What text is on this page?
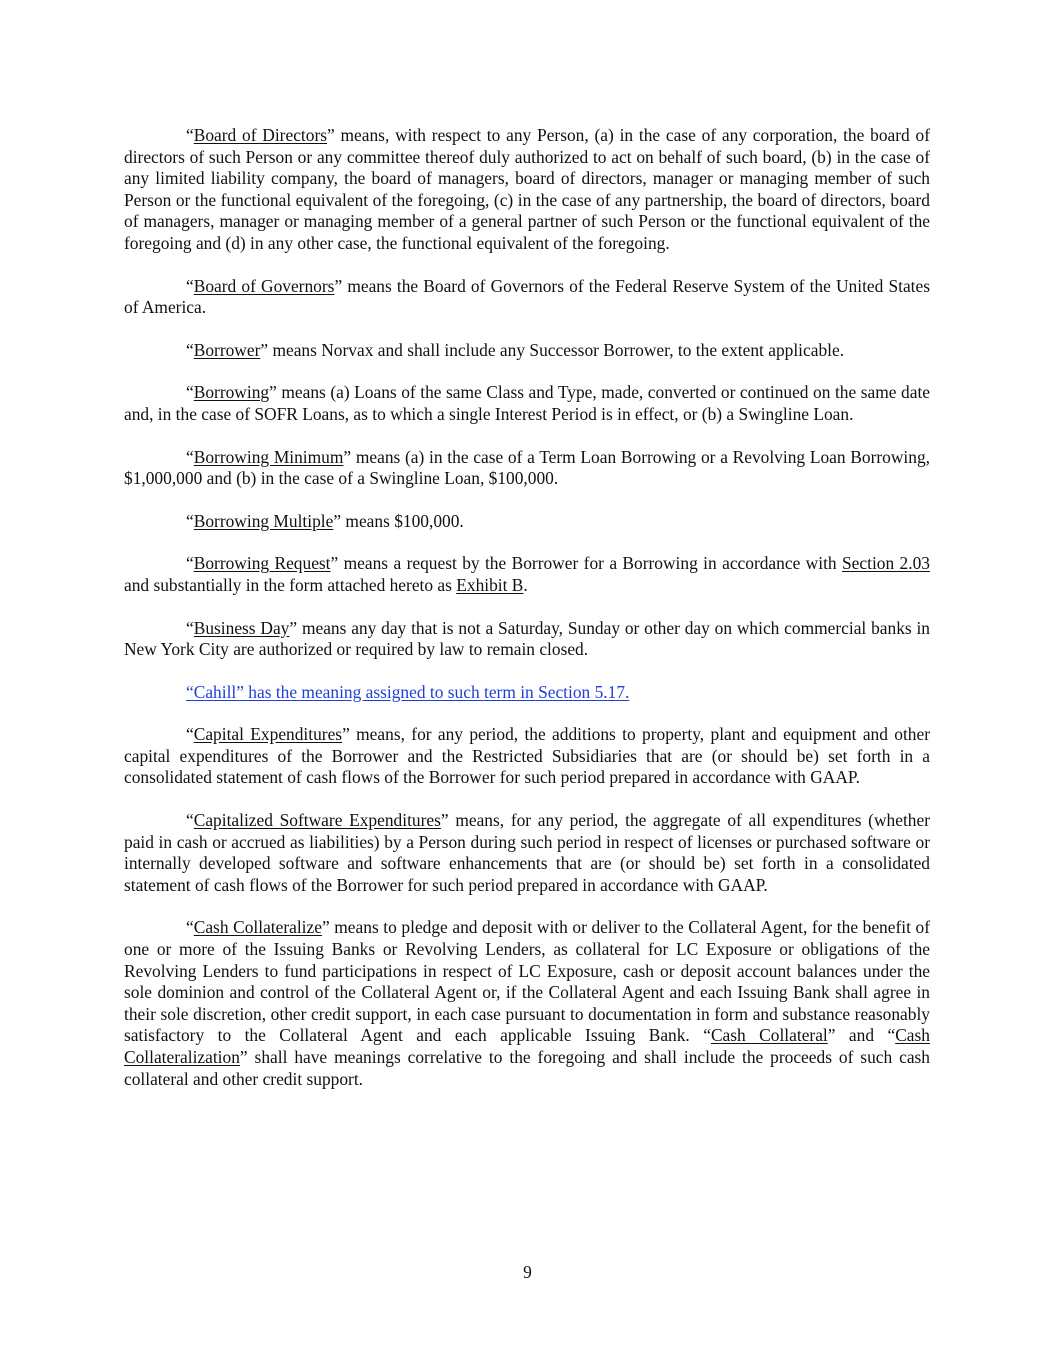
“Board of Directors” means, with respect to any Person, (a) in the case of any corporation, the board of directors of such Person or any committee thereof duly authorized to act on behalf of such board, (b) in the case of any limited liability company, the board of managers, board of directors, manager or managing member of such Person or the functional equivalent of the foregoing, (c) in the case of any partnership, the board of directors, board of managers, manager or managing member of a general partner of such Person or the functional equivalent of the foregoing and (d) in any other case, the functional equivalent of the foregoing.

“Board of Governors” means the Board of Governors of the Federal Reserve System of the United States of America.

“Borrower” means Norvax and shall include any Successor Borrower, to the extent applicable.

“Borrowing” means (a) Loans of the same Class and Type, made, converted or continued on the same date and, in the case of SOFR Loans, as to which a single Interest Period is in effect, or (b) a Swingline Loan.

“Borrowing Minimum” means (a) in the case of a Term Loan Borrowing or a Revolving Loan Borrowing, $1,000,000 and (b) in the case of a Swingline Loan, $100,000.

“Borrowing Multiple” means $100,000.

“Borrowing Request” means a request by the Borrower for a Borrowing in accordance with Section 2.03 and substantially in the form attached hereto as Exhibit B.

“Business Day” means any day that is not a Saturday, Sunday or other day on which commercial banks in New York City are authorized or required by law to remain closed.

“Cahill” has the meaning assigned to such term in Section 5.17.

“Capital Expenditures” means, for any period, the additions to property, plant and equipment and other capital expenditures of the Borrower and the Restricted Subsidiaries that are (or should be) set forth in a consolidated statement of cash flows of the Borrower for such period prepared in accordance with GAAP.

“Capitalized Software Expenditures” means, for any period, the aggregate of all expenditures (whether paid in cash or accrued as liabilities) by a Person during such period in respect of licenses or purchased software or internally developed software and software enhancements that are (or should be) set forth in a consolidated statement of cash flows of the Borrower for such period prepared in accordance with GAAP.

“Cash Collateralize” means to pledge and deposit with or deliver to the Collateral Agent, for the benefit of one or more of the Issuing Banks or Revolving Lenders, as collateral for LC Exposure or obligations of the Revolving Lenders to fund participations in respect of LC Exposure, cash or deposit account balances under the sole dominion and control of the Collateral Agent or, if the Collateral Agent and each Issuing Bank shall agree in their sole discretion, other credit support, in each case pursuant to documentation in form and substance reasonably satisfactory to the Collateral Agent and each applicable Issuing Bank. “Cash Collateral” and “Cash Collateralization” shall have meanings correlative to the foregoing and shall include the proceeds of such cash collateral and other credit support.

9
